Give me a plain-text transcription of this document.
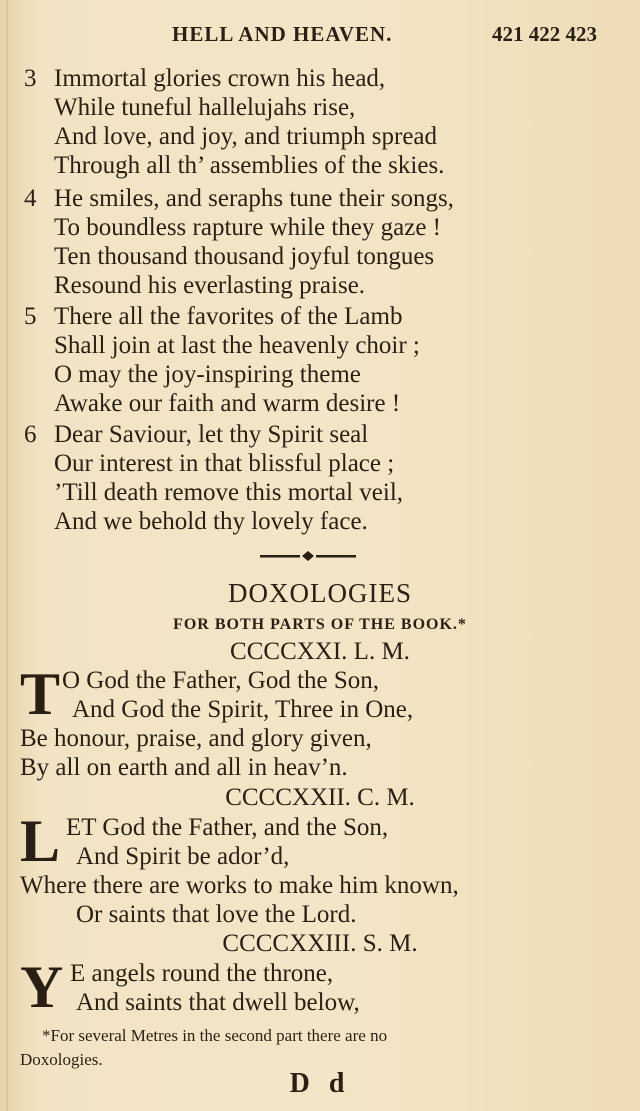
HELL AND HEAVEN.	421 422 423
3 Immortal glories crown his head,
While tuneful hallelujahs rise,
And love, and joy, and triumph spread
Through all th’ assemblies of the skies.
4 He smiles, and seraphs tune their songs,
To boundless rapture while they gaze !
Ten thousand thousand joyful tongues
Resound his everlasting praise.
5 There all the favorites of the Lamb
Shall join at last the heavenly choir ;
O may the joy-inspiring theme
Awake our faith and warm desire !
6 Dear Saviour, let thy Spirit seal
Our interest in that blissful place ;
’Till death remove this mortal veil,
And we behold thy lovely face.
DOXOLOGIES
FOR BOTH PARTS OF THE BOOK.*
CCCCXXI. L. M.
T O God the Father, God the Son,
And God the Spirit, Three in One,
Be honour, praise, and glory given,
By all on earth and all in heav’n.
CCCCXXII. C. M.
L ET God the Father, and the Son,
And Spirit be ador’d,
Where there are works to make him known,
Or saints that love the Lord.
CCCCXXIII. S. M.
Y E angels round the throne,
And saints that dwell below,
*For several Metres in the second part there are no
Doxologies.
D d
